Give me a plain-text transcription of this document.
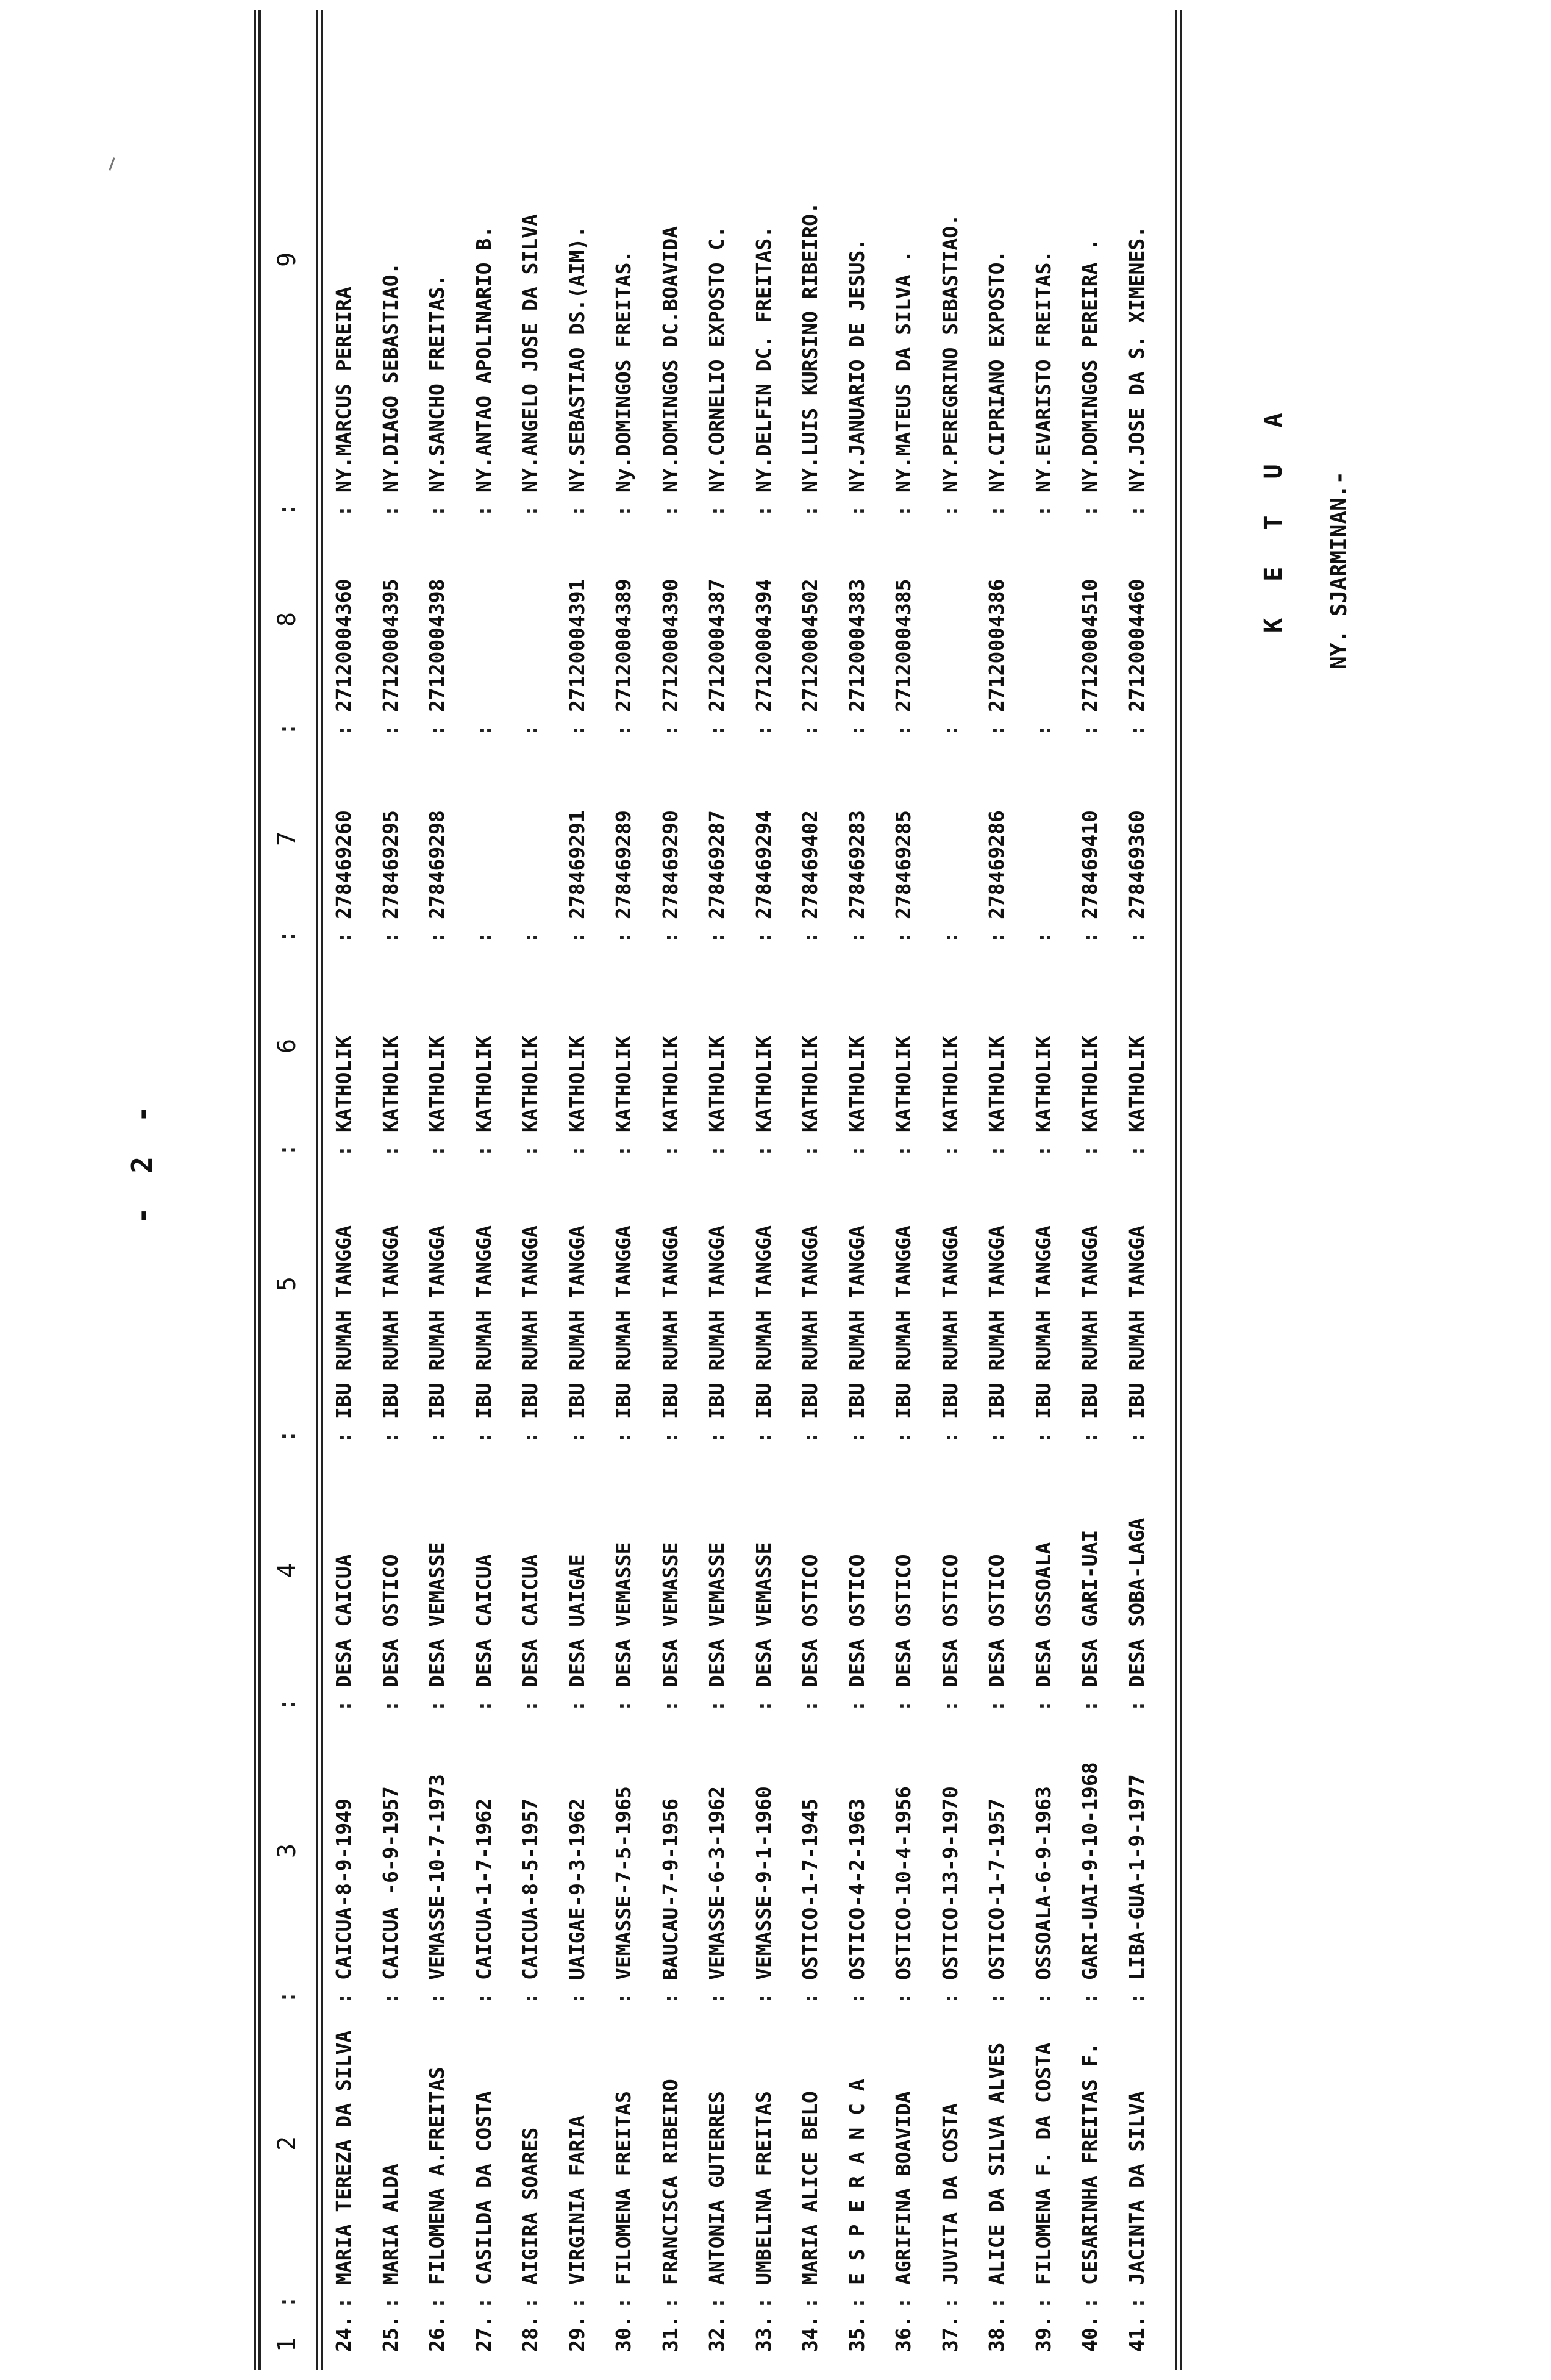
- 2 -
1
:
2
:
3
:
4
:
5
:
6
:
7
:
8
:
9
24.
MARIA TEREZA DA SILVA
CAICUA-8-9-1949
DESA CAICUA
IBU RUMAH TANGGA
KATHOLIK
278469260
27120004360
NY.MARCUS PEREIRA
:
:
:
:
:
:
:
:
25.
MARIA ALDA
CAICUA -6-9-1957
DESA OSTICO
IBU RUMAH TANGGA
KATHOLIK
278469295
27120004395
NY.DIAGO SEBASTIAO.
:
:
:
:
:
:
:
:
26.
FILOMENA A.FREITAS
VEMASSE-10-7-1973
DESA VEMASSE
IBU RUMAH TANGGA
KATHOLIK
278469298
27120004398
NY.SANCHO FREITAS.
:
:
:
:
:
:
:
:
27.
CASILDA DA COSTA
CAICUA-1-7-1962
DESA CAICUA
IBU RUMAH TANGGA
KATHOLIK
NY.ANTAO APOLINARIO B.
:
:
:
:
:
:
:
:
28.
AIGIRA SOARES
CAICUA-8-5-1957
DESA CAICUA
IBU RUMAH TANGGA
KATHOLIK
NY.ANGELO JOSE DA SILVA
:
:
:
:
:
:
:
:
29.
VIRGINIA FARIA
UAIGAE-9-3-1962
DESA UAIGAE
IBU RUMAH TANGGA
KATHOLIK
278469291
27120004391
NY.SEBASTIAO DS.(AIM).
:
:
:
:
:
:
:
:
30.
FILOMENA FREITAS
VEMASSE-7-5-1965
DESA VEMASSE
IBU RUMAH TANGGA
KATHOLIK
278469289
27120004389
Ny.DOMINGOS FREITAS.
:
:
:
:
:
:
:
:
31.
FRANCISCA RIBEIRO
BAUCAU-7-9-1956
DESA VEMASSE
IBU RUMAH TANGGA
KATHOLIK
278469290
27120004390
NY.DOMINGOS DC.BOAVIDA
:
:
:
:
:
:
:
:
32.
ANTONIA GUTERRES
VEMASSE-6-3-1962
DESA VEMASSE
IBU RUMAH TANGGA
KATHOLIK
278469287
27120004387
NY.CORNELIO EXPOSTO C.
:
:
:
:
:
:
:
:
33.
UMBELINA FREITAS
VEMASSE-9-1-1960
DESA VEMASSE
IBU RUMAH TANGGA
KATHOLIK
278469294
27120004394
NY.DELFIN DC. FREITAS.
:
:
:
:
:
:
:
:
34.
MARIA ALICE BELO
OSTICO-1-7-1945
DESA OSTICO
IBU RUMAH TANGGA
KATHOLIK
278469402
27120004502
NY.LUIS KURSINO RIBEIRO.
:
:
:
:
:
:
:
:
35.
E S P E R A N C A
OSTICO-4-2-1963
DESA OSTICO
IBU RUMAH TANGGA
KATHOLIK
278469283
27120004383
NY.JANUARIO DE JESUS.
:
:
:
:
:
:
:
:
36.
AGRIFINA BOAVIDA
OSTICO-10-4-1956
DESA OSTICO
IBU RUMAH TANGGA
KATHOLIK
278469285
27120004385
NY.MATEUS DA SILVA .
:
:
:
:
:
:
:
:
37.
JUVITA DA COSTA
OSTICO-13-9-1970
DESA OSTICO
IBU RUMAH TANGGA
KATHOLIK
NY.PEREGRINO SEBASTIAO.
:
:
:
:
:
:
:
:
38.
ALICE DA SILVA ALVES
OSTICO-1-7-1957
DESA OSTICO
IBU RUMAH TANGGA
KATHOLIK
278469286
27120004386
NY.CIPRIANO EXPOSTO.
:
:
:
:
:
:
:
:
39.
FILOMENA F. DA COSTA
OSSOALA-6-9-1963
DESA OSSOALA
IBU RUMAH TANGGA
KATHOLIK
NY.EVARISTO FREITAS.
:
:
:
:
:
:
:
:
40.
CESARINHA FREITAS F.
GARI-UAI-9-10-1968
DESA GARI-UAI
IBU RUMAH TANGGA
KATHOLIK
278469410
27120004510
NY.DOMINGOS PEREIRA .
:
:
:
:
:
:
:
:
41.
JACINTA DA SILVA
LIBA-GUA-1-9-1977
DESA SOBA-LAGA
IBU RUMAH TANGGA
KATHOLIK
278469360
27120004460
NY.JOSE DA S. XIMENES.
:
:
:
:
:
:
:
:	K E T U A NY. SJARMINAN.-
